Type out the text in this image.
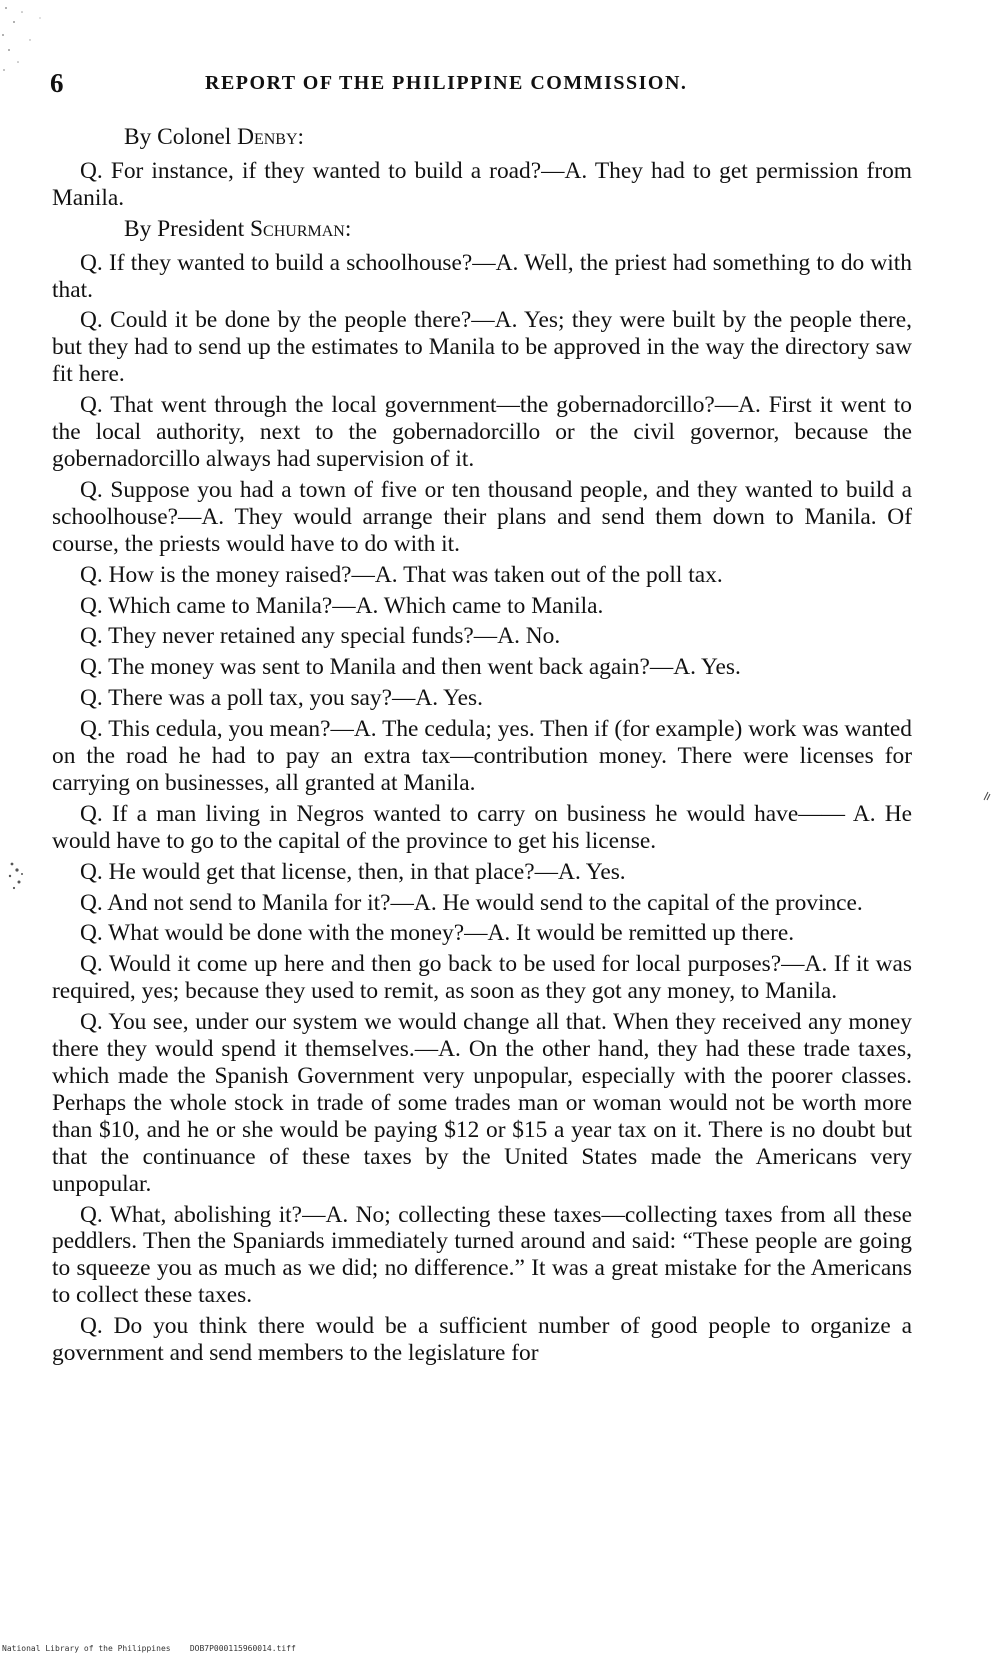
6	REPORT OF THE PHILIPPINE COMMISSION.

By Colonel Denby:

Q. For instance, if they wanted to build a road?—A. They had to get permission from Manila.

By President Schurman:

Q. If they wanted to build a schoolhouse?—A. Well, the priest had something to do with that.

Q. Could it be done by the people there?—A. Yes; they were built by the people there, but they had to send up the estimates to Manila to be approved in the way the directory saw fit here.

Q. That went through the local government—the gobernadorcillo?—A. First it went to the local authority, next to the gobernadorcillo or the civil governor, because the gobernadorcillo always had supervision of it.

Q. Suppose you had a town of five or ten thousand people, and they wanted to build a schoolhouse?—A. They would arrange their plans and send them down to Manila. Of course, the priests would have to do with it.

Q. How is the money raised?—A. That was taken out of the poll tax.

Q. Which came to Manila?—A. Which came to Manila.

Q. They never retained any special funds?—A. No.

Q. The money was sent to Manila and then went back again?—A. Yes.

Q. There was a poll tax, you say?—A. Yes.

Q. This cedula, you mean?—A. The cedula; yes. Then if (for example) work was wanted on the road he had to pay an extra tax—contribution money. There were licenses for carrying on businesses, all granted at Manila.

Q. If a man living in Negros wanted to carry on business he would have—— A. He would have to go to the capital of the province to get his license.

Q. He would get that license, then, in that place?—A. Yes.

Q. And not send to Manila for it?—A. He would send to the capital of the province.

Q. What would be done with the money?—A. It would be remitted up there.

Q. Would it come up here and then go back to be used for local purposes?—A. If it was required, yes; because they used to remit, as soon as they got any money, to Manila.

Q. You see, under our system we would change all that. When they received any money there they would spend it themselves.—A. On the other hand, they had these trade taxes, which made the Spanish Government very unpopular, especially with the poorer classes. Perhaps the whole stock in trade of some trades man or woman would not be worth more than $10, and he or she would be paying $12 or $15 a year tax on it. There is no doubt but that the continuance of these taxes by the United States made the Americans very unpopular.

Q. What, abolishing it?—A. No; collecting these taxes—collecting taxes from all these peddlers. Then the Spaniards immediately turned around and said: “These people are going to squeeze you as much as we did; no difference.” It was a great mistake for the Americans to collect these taxes.

Q. Do you think there would be a sufficient number of good people to organize a government and send members to the legislature for

National Library of the Philippines DOB7P000115960014.tiff
